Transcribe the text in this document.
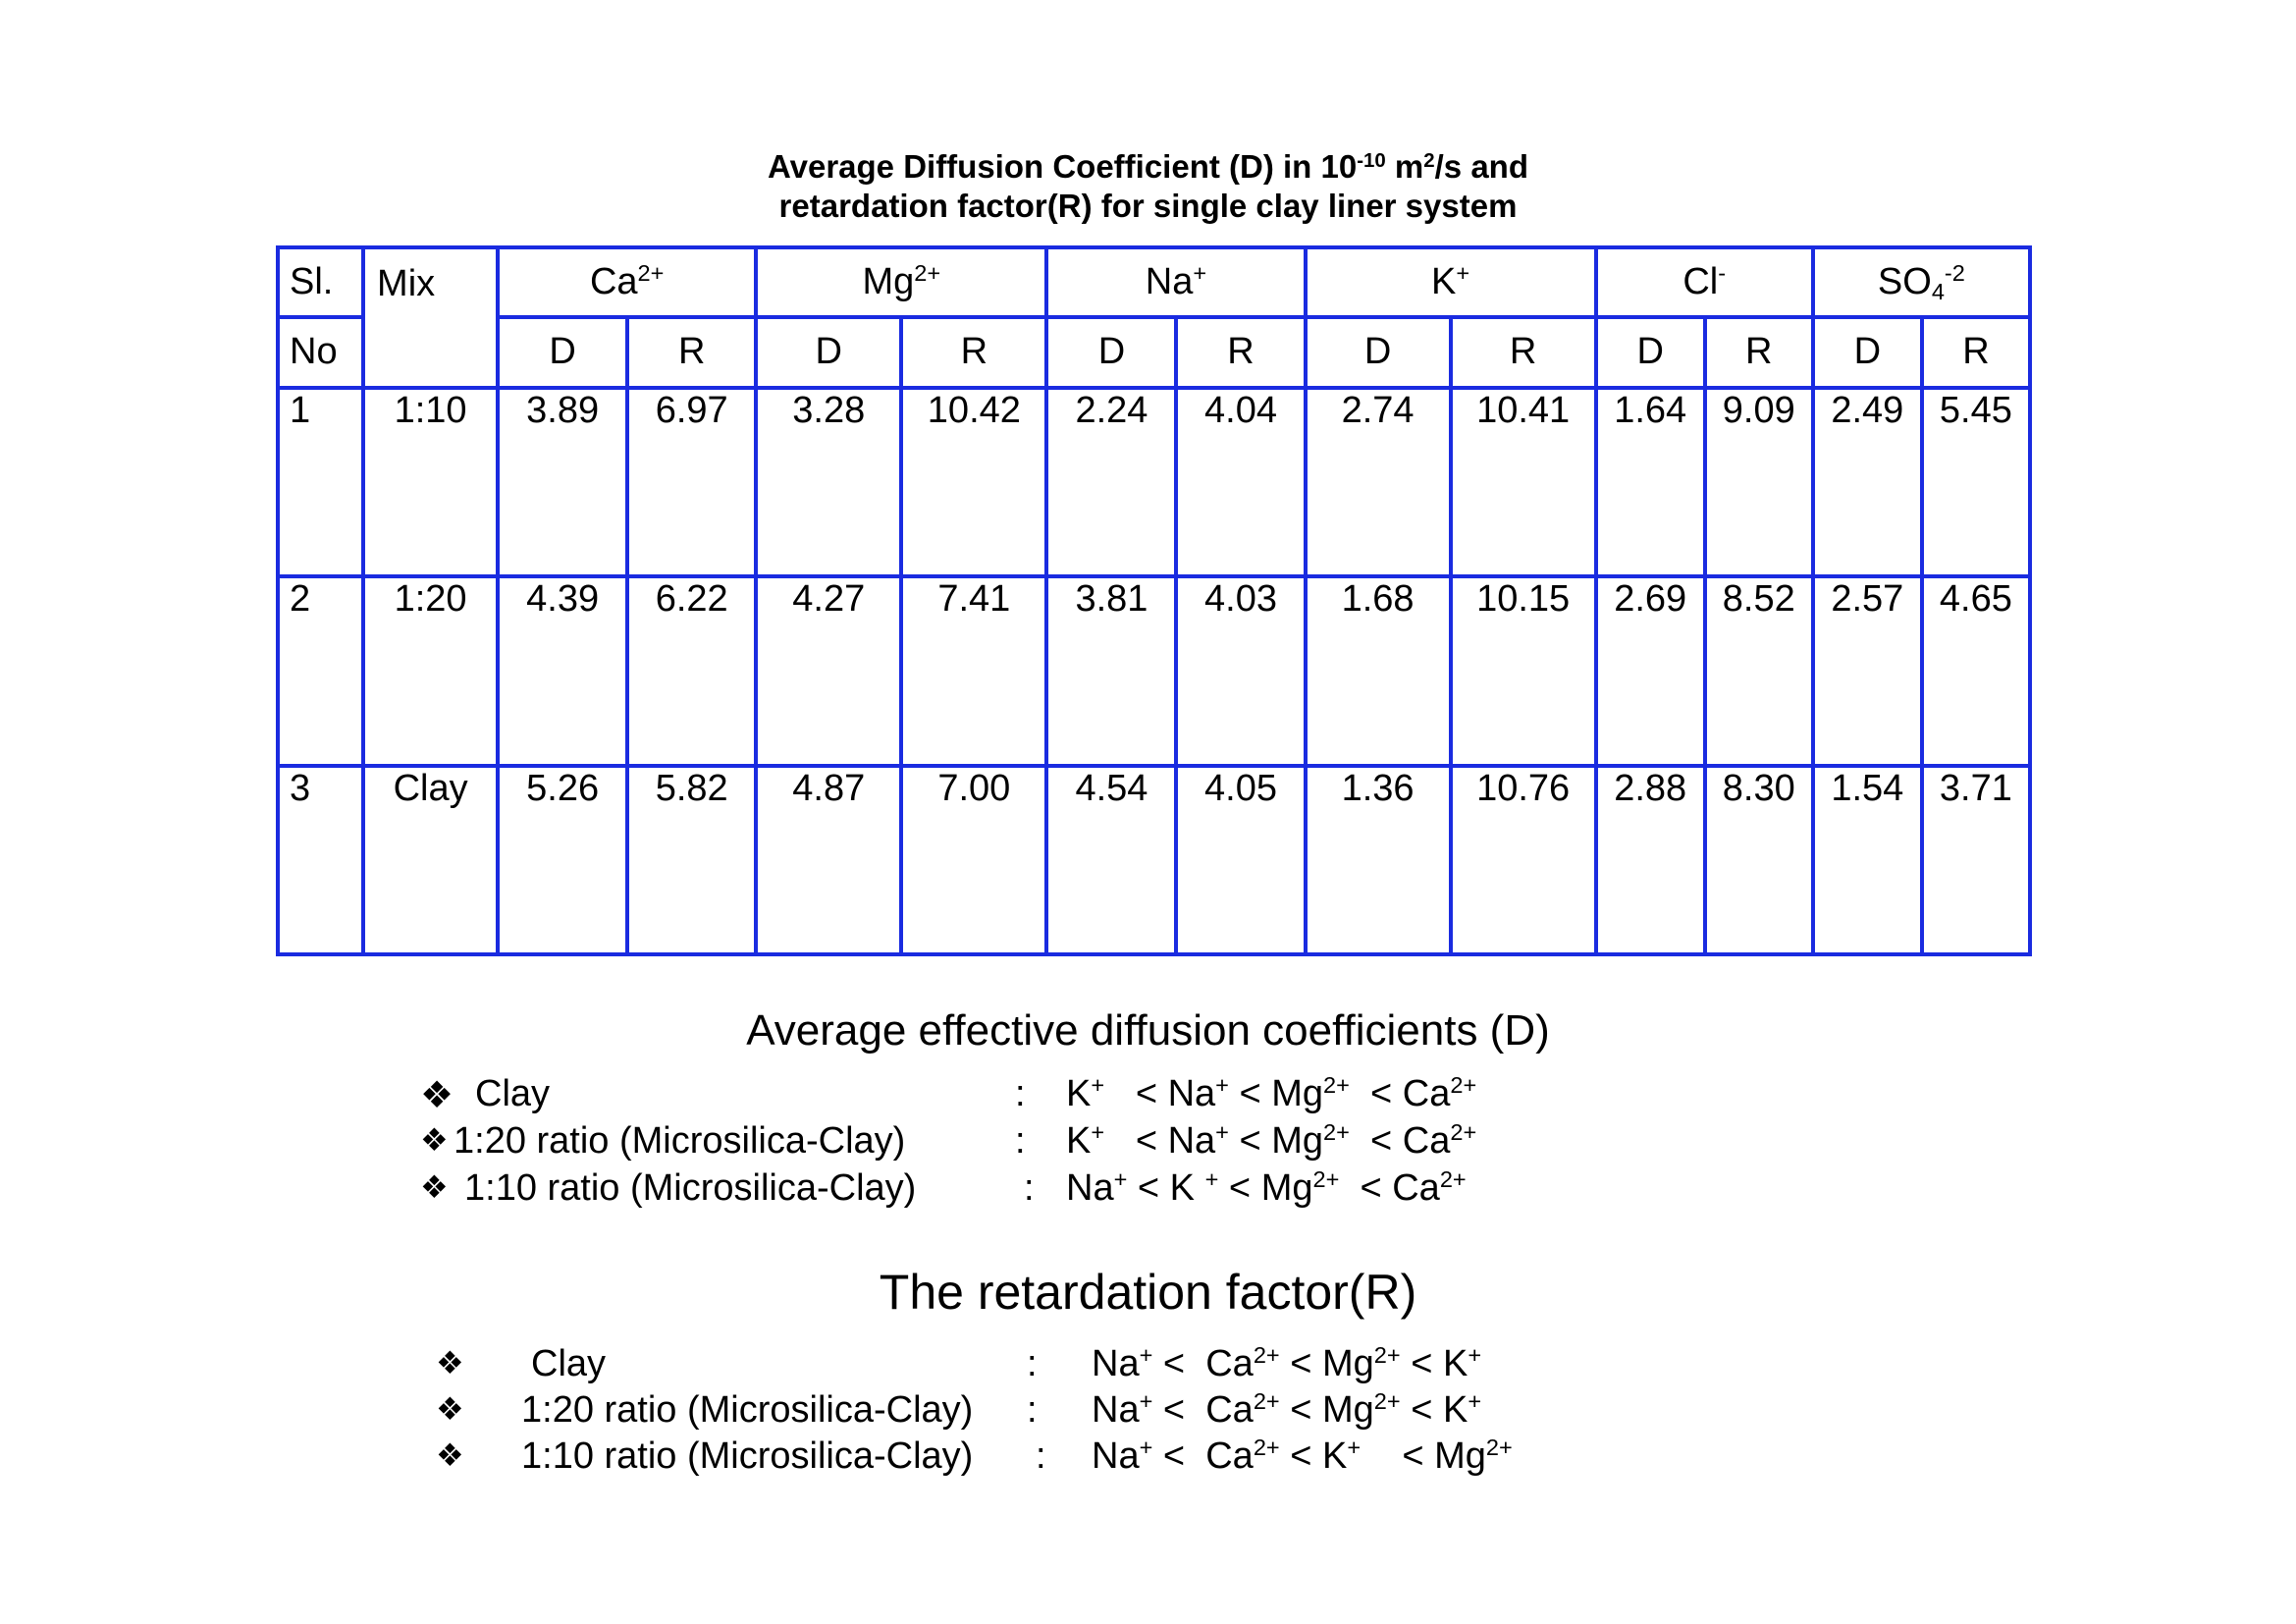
Average Diffusion Coefficient (D) in $10^{-10}$ $m^2/s$ and
retardation factor(R) for single clay liner system
Sl.	Mix	$Ca^{2+}$		$Mg^{2+}$		Na+		K+		Cl-		$SO_4^{-2}$
No		D	R	D	R	D	R	D	R	D	R	D	R
1	1:10	3.89	6.97	3.28	10.42	2.24	4.04	2.74	10.41	1.64	9.09	2.49	5.45
2	1:20	4.39	6.22	4.27	7.41	3.81	4.03	1.68	10.15	2.69	8.52	2.57	4.65
3	Clay	5.26	5.82	4.87	7.00	4.54	4.05	1.36	10.76	2.88	8.30	1.54	3.71
Average effective diffusion coefficients (D)
❖ Clay	: $K^+ < Na^+ < Mg^{2+} < Ca^{2+}$
❖ 1:20 ratio (Microsilica-Clay)	: $K^+ < Na^+ < Mg^{2+} < Ca^{2+}$
❖ 1:10 ratio (Microsilica-Clay)	: Na+ < K $^+ < Mg^{2+} < Ca^{2+}$
The retardation factor(R)
❖ Clay	: $Na^+ < Ca^{2+} < Mg^{2+} < K^+$
❖ 1:20 ratio (Microsilica-Clay) : $Na^+ < Ca^{2+} < Mg^{2+} < K^+$
❖ 1:10 ratio (Microsilica-Clay) : $Na^+ < Ca^{2+} < K^+ < Mg^{2+}$
